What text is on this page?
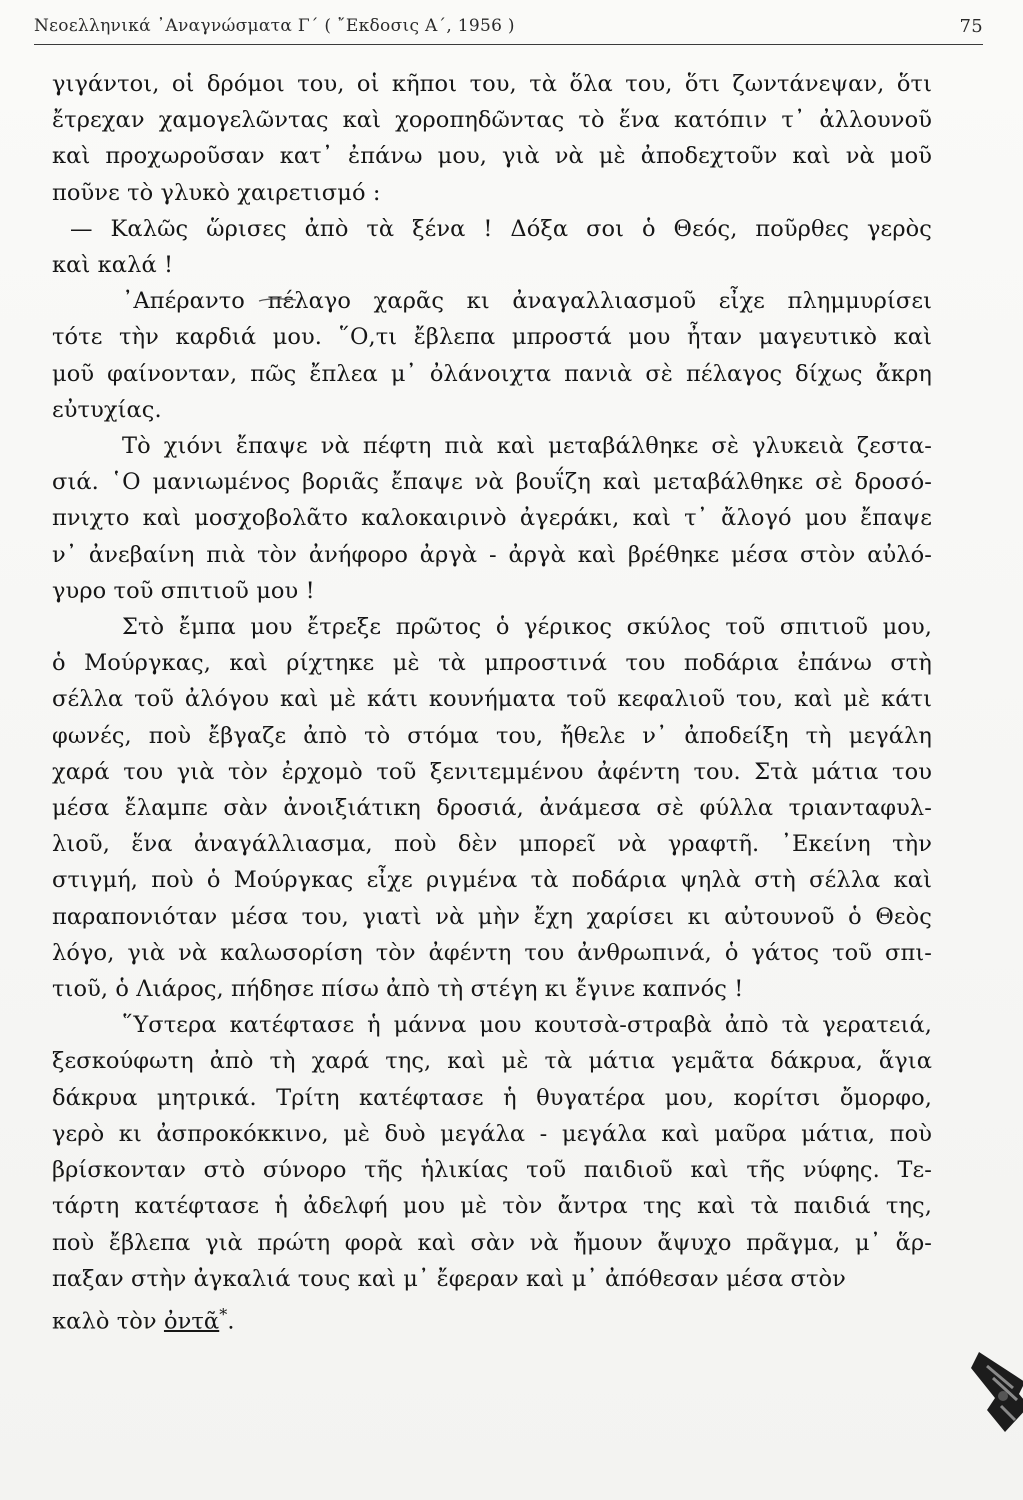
Νεοελληνικά ᾿Αναγνώσματα Γ´ ( ῎Εκδοσις Α´, 1956 )	75
γιγάντοι, οἱ δρόμοι του, οἱ κῆποι του, τὰ ὅλα του, ὅτι ζωντάνεψαν, ὅτι
ἔτρεχαν χαμογελῶντας καὶ χοροπηδῶντας τὸ ἕνα κατόπιν τ᾿ ἀλλουνοῦ
καὶ προχωροῦσαν κατ᾿ ἐπάνω μου, γιὰ νὰ μὲ ἀποδεχτοῦν καὶ νὰ μοῦ
ποῦνε τὸ γλυκὸ χαιρετισμό :
— Καλῶς ὥρισες ἀπὸ τὰ ξένα ! Δόξα σοι ὁ Θεός, ποῦρθες γερὸς
καὶ καλά !
᾿Απέραντο πέλαγο χαρᾶς κι ἀναγαλλιασμοῦ εἶχε πλημμυρίσει
τότε τὴν καρδιά μου. ῞Ο,τι ἔβλεπα μπροστά μου ἦταν μαγευτικὸ καὶ
μοῦ φαίνονταν, πῶς ἔπλεα μ᾿ ὀλάνοιχτα πανιὰ σὲ πέλαγος δίχως ἄκρη
εὐτυχίας.
Τὸ χιόνι ἔπαψε νὰ πέφτη πιὰ καὶ μεταβάλθηκε σὲ γλυκειὰ ζεστα-
σιά. ῾Ο μανιωμένος βοριᾶς ἔπαψε νὰ βουΐζη καὶ μεταβάλθηκε σὲ δροσό-
πνιχτο καὶ μοσχοβολᾶτο καλοκαιρινὸ ἀγεράκι, καὶ τ᾿ ἄλογό μου ἔπαψε
ν᾿ ἀνεβαίνη πιὰ τὸν ἀνήφορο ἀργὰ - ἀργὰ καὶ βρέθηκε μέσα στὸν αὐλό-
γυρο τοῦ σπιτιοῦ μου !
Στὸ ἔμπα μου ἔτρεξε πρῶτος ὁ γέρικος σκύλος τοῦ σπιτιοῦ μου,
ὁ Μούργκας, καὶ ρίχτηκε μὲ τὰ μπροστινά του ποδάρια ἐπάνω στὴ
σέλλα τοῦ ἀλόγου καὶ μὲ κάτι κουνήματα τοῦ κεφαλιοῦ του, καὶ μὲ κάτι
φωνές, ποὺ ἔβγαζε ἀπὸ τὸ στόμα του, ἤθελε ν᾿ ἀποδείξη τὴ μεγάλη
χαρά του γιὰ τὸν ἐρχομὸ τοῦ ξενιτεμμένου ἀφέντη του. Στὰ μάτια του
μέσα ἔλαμπε σὰν ἀνοιξιάτικη δροσιά, ἀνάμεσα σὲ φύλλα τριανταφυλ-
λιοῦ, ἕνα ἀναγάλλιασμα, ποὺ δὲν μπορεῖ νὰ γραφτῆ. ᾿Εκείνη τὴν
στιγμή, ποὺ ὁ Μούργκας εἶχε ριγμένα τὰ ποδάρια ψηλὰ στὴ σέλλα καὶ
παραπονιόταν μέσα του, γιατὶ νὰ μὴν ἔχη χαρίσει κι αὐτουνοῦ ὁ Θεὸς
λόγο, γιὰ νὰ καλωσορίση τὸν ἀφέντη του ἀνθρωπινά, ὁ γάτος τοῦ σπι-
τιοῦ, ὁ Λιάρος, πήδησε πίσω ἀπὸ τὴ στέγη κι ἔγινε καπνός !
῞Υστερα κατέφτασε ἡ μάννα μου κουτσὰ-στραβὰ ἀπὸ τὰ γερατειά,
ξεσκούφωτη ἀπὸ τὴ χαρά της, καὶ μὲ τὰ μάτια γεμᾶτα δάκρυα, ἅγια
δάκρυα μητρικά. Τρίτη κατέφτασε ἡ θυγατέρα μου, κορίτσι ὄμορφο,
γερὸ κι ἀσπροκόκκινο, μὲ δυὸ μεγάλα - μεγάλα καὶ μαῦρα μάτια, ποὺ
βρίσκονταν στὸ σύνορο τῆς ἡλικίας τοῦ παιδιοῦ καὶ τῆς νύφης. Τε-
τάρτη κατέφτασε ἡ ἀδελφή μου μὲ τὸν ἄντρα της καὶ τὰ παιδιά της,
ποὺ ἔβλεπα γιὰ πρώτη φορὰ καὶ σὰν νὰ ἤμουν ἄψυχο πρᾶγμα, μ᾿ ἅρ-
παξαν στὴν ἀγκαλιά τους καὶ μ᾿ ἔφεραν καὶ μ᾿ ἀπόθεσαν μέσα στὸν
καλὸ τὸν ὀντᾶ*.
